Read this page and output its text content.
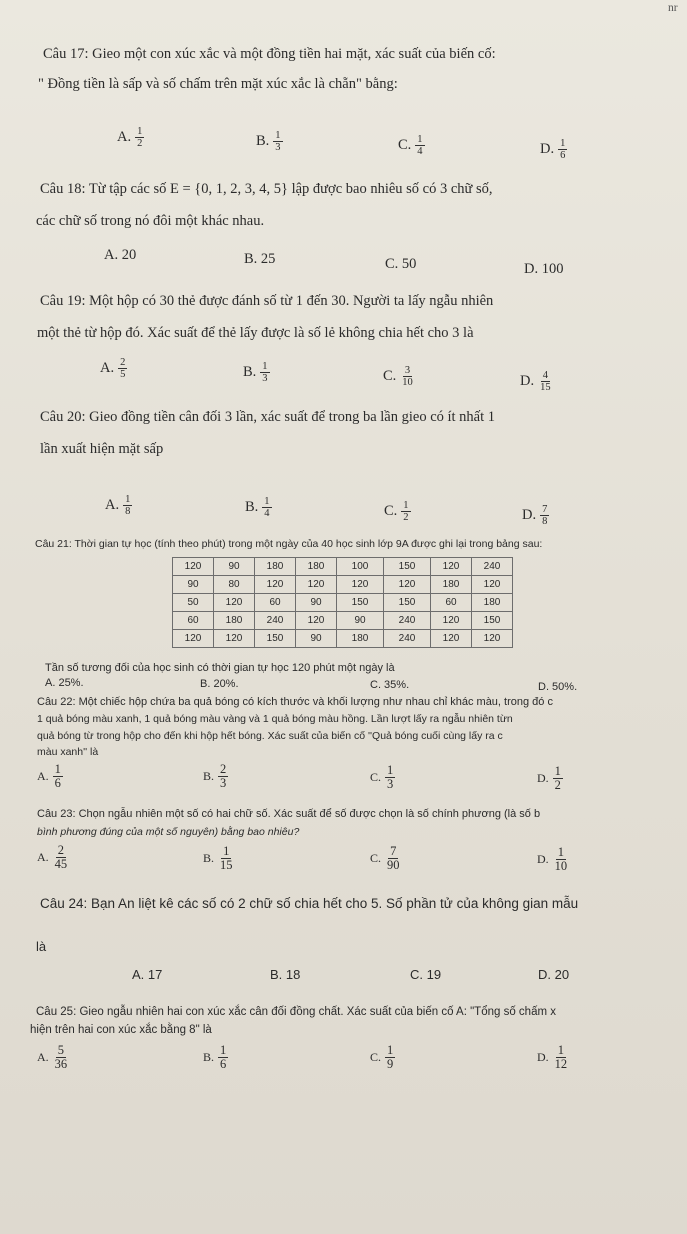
nr
Câu 17: Gieo một con xúc xắc và một đồng tiền hai mặt, xác suất của biến cố:
" Đồng tiền là sấp và số chấm trên mặt xúc xắc là chẵn" bằng:
A. $\frac{1}{2}$	B. $\frac{1}{3}$	C. $\frac{1}{4}$	D. $\frac{1}{6}$
Câu 18: Từ tập các số E = {0, 1, 2, 3, 4, 5} lập được bao nhiêu số có 3 chữ số,
các chữ số trong nó đôi một khác nhau.
A. 20	B. 25	C. 50	D. 100
Câu 19: Một hộp có 30 thẻ được đánh số từ 1 đến 30. Người ta lấy ngẫu nhiên
một thẻ từ hộp đó. Xác suất để thẻ lấy được là số lẻ không chia hết cho 3 là
A. $\frac{2}{5}$	B. $\frac{1}{3}$	C. $\frac{3}{10}$	D. $\frac{4}{15}$
Câu 20: Gieo đồng tiền cân đối 3 lần, xác suất để trong ba lần gieo có ít nhất 1
lần xuất hiện mặt sấp
A. $\frac{1}{8}$	B. $\frac{1}{4}$	C. $\frac{1}{2}$	D. $\frac{7}{8}$
Câu 21: Thời gian tự học (tính theo phút) trong một ngày của 40 học sinh lớp 9A được ghi lại trong bảng sau:
120	90	180	180	100	150	120	240
90	80	120	120	120	120	180	120
50	120	60	90	150	150	60	180
60	180	240	120	90	240	120	150
120	120	150	90	180	240	120	120
Tần số tương đối của học sinh có thời gian tự học 120 phút một ngày là
A. 25%.	B. 20%.	C. 35%.	D. 50%.
Câu 22: Một chiếc hộp chứa ba quả bóng có kích thước và khối lượng như nhau chỉ khác màu, trong đó c
1 quả bóng màu xanh, 1 quả bóng màu vàng và 1 quả bóng màu hồng. Lần lượt lấy ra ngẫu nhiên từn
quả bóng từ trong hộp cho đến khi hộp hết bóng. Xác suất của biến cố ''Quả bóng cuối cùng lấy ra c
màu xanh'' là
A. $\frac{1}{6}$	B. $\frac{2}{3}$	C. $\frac{1}{3}$	D. $\frac{1}{2}$
Câu 23: Chọn ngẫu nhiên một số có hai chữ số. Xác suất để số được chọn là số chính phương (là số b
bình phương đúng của một số nguyên) bằng bao nhiêu?
A. $\frac{2}{45}$	B. $\frac{1}{15}$	C. $\frac{7}{90}$	D. $\frac{1}{10}$
Câu 24: Bạn An liệt kê các số có 2 chữ số chia hết cho 5. Số phần tử của không gian mẫu
là
A. 17	B. 18	C. 19	D. 20
Câu 25: Gieo ngẫu nhiên hai con xúc xắc cân đối đồng chất. Xác suất của biến cố A: "Tổng số chấm x
hiện trên hai con xúc xắc bằng 8" là
A. $\frac{5}{36}$	B. $\frac{1}{6}$	C. $\frac{1}{9}$	D. $\frac{1}{12}$
